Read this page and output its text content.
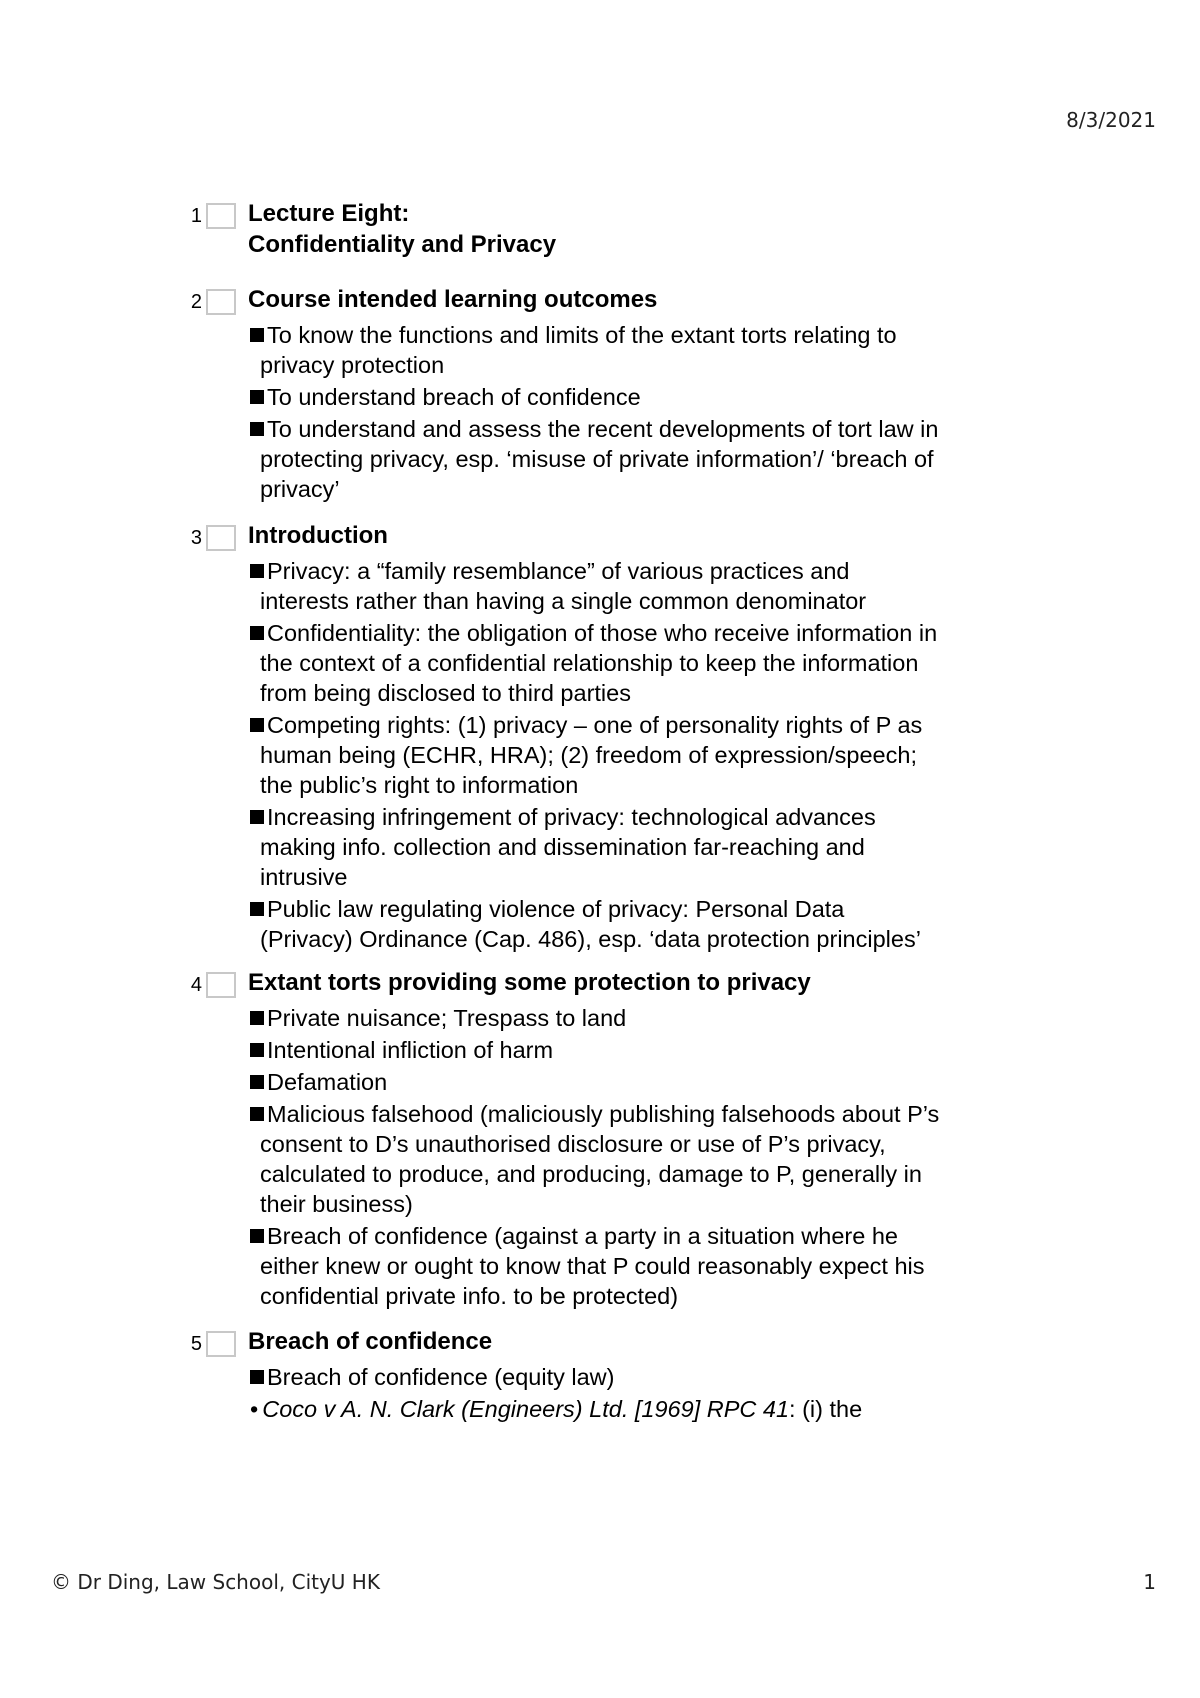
8/3/2021
1 Lecture Eight:
Confidentiality and Privacy
2 Course intended learning outcomes
To know the functions and limits of the extant torts relating to
privacy protection
To understand breach of confidence
To understand and assess the recent developments of tort law in
protecting privacy, esp. ‘misuse of private information’/ ‘breach of
privacy’
3 Introduction
Privacy: a “family resemblance” of various practices and
interests rather than having a single common denominator
Confidentiality: the obligation of those who receive information in
the context of a confidential relationship to keep the information
from being disclosed to third parties
Competing rights: (1) privacy – one of personality rights of P as
human being (ECHR, HRA); (2) freedom of expression/speech;
the public’s right to information
Increasing infringement of privacy: technological advances
making info. collection and dissemination far-reaching and
intrusive
Public law regulating violence of privacy: Personal Data
(Privacy) Ordinance (Cap. 486), esp. ‘data protection principles’
4 Extant torts providing some protection to privacy
Private nuisance; Trespass to land
Intentional infliction of harm
Defamation
Malicious falsehood (maliciously publishing falsehoods about P’s
consent to D’s unauthorised disclosure or use of P’s privacy,
calculated to produce, and producing, damage to P, generally in
their business)
Breach of confidence (against a party in a situation where he
either knew or ought to know that P could reasonably expect his
confidential private info. to be protected)
5 Breach of confidence
Breach of confidence (equity law)
• Coco v A. N. Clark (Engineers) Ltd. [1969] RPC 41: (i) the
© Dr Ding, Law School, CityU HK	1
